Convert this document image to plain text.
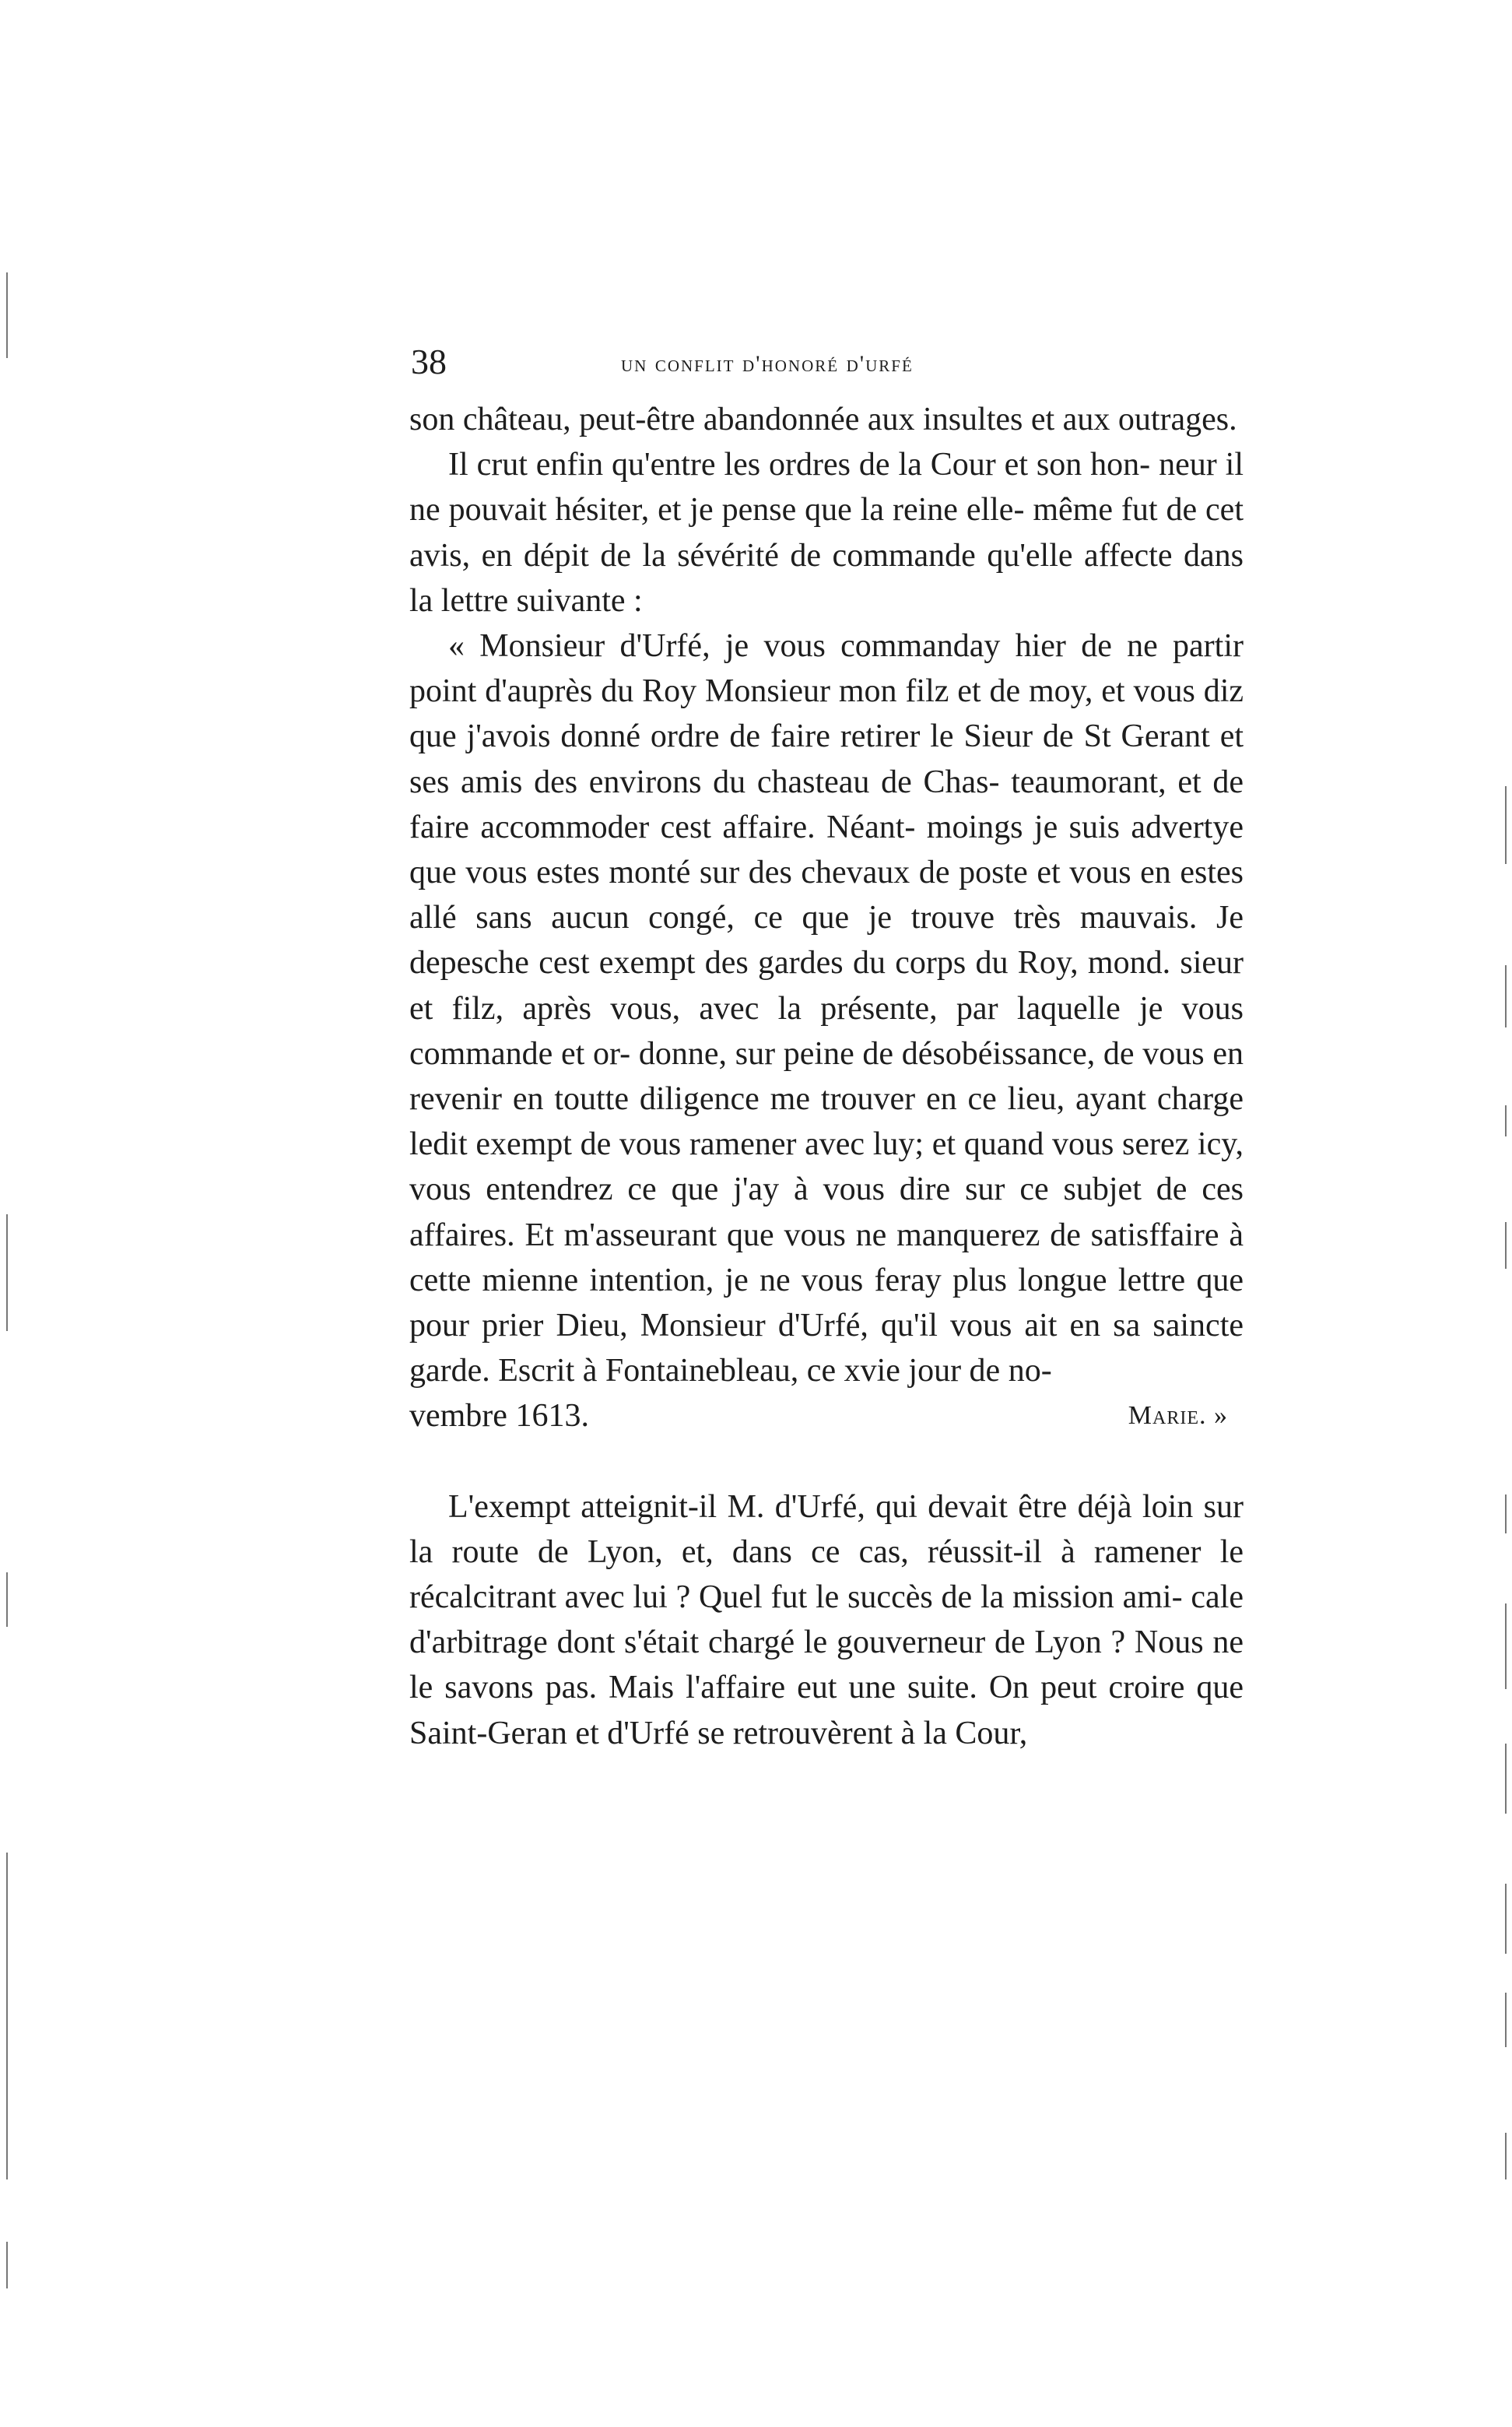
38	un conflit d'honoré d'urfé

son château, peut-être abandonnée aux insultes et aux outrages.

Il crut enfin qu'entre les ordres de la Cour et son hon- neur il ne pouvait hésiter, et je pense que la reine elle- même fut de cet avis, en dépit de la sévérité de commande qu'elle affecte dans la lettre suivante :

« Monsieur d'Urfé, je vous commanday hier de ne partir point d'auprès du Roy Monsieur mon filz et de moy, et vous diz que j'avois donné ordre de faire retirer le Sieur de St Gerant et ses amis des environs du chasteau de Chas- teaumorant, et de faire accommoder cest affaire. Néant- moings je suis advertye que vous estes monté sur des chevaux de poste et vous en estes allé sans aucun congé, ce que je trouve très mauvais. Je depesche cest exempt des gardes du corps du Roy, mond. sieur et filz, après vous, avec la présente, par laquelle je vous commande et or- donne, sur peine de désobéissance, de vous en revenir en toutte diligence me trouver en ce lieu, ayant charge ledit exempt de vous ramener avec luy; et quand vous serez icy, vous entendrez ce que j'ay à vous dire sur ce subjet de ces affaires. Et m'asseurant que vous ne manquerez de satisffaire à cette mienne intention, je ne vous feray plus longue lettre que pour prier Dieu, Monsieur d'Urfé, qu'il vous ait en sa saincte garde. Escrit à Fontainebleau, ce xvie jour de no-

vembre 1613.	Marie. »

L'exempt atteignit-il M. d'Urfé, qui devait être déjà loin sur la route de Lyon, et, dans ce cas, réussit-il à ramener le récalcitrant avec lui ? Quel fut le succès de la mission ami- cale d'arbitrage dont s'était chargé le gouverneur de Lyon ? Nous ne le savons pas. Mais l'affaire eut une suite. On peut croire que Saint-Geran et d'Urfé se retrouvèrent à la Cour,
